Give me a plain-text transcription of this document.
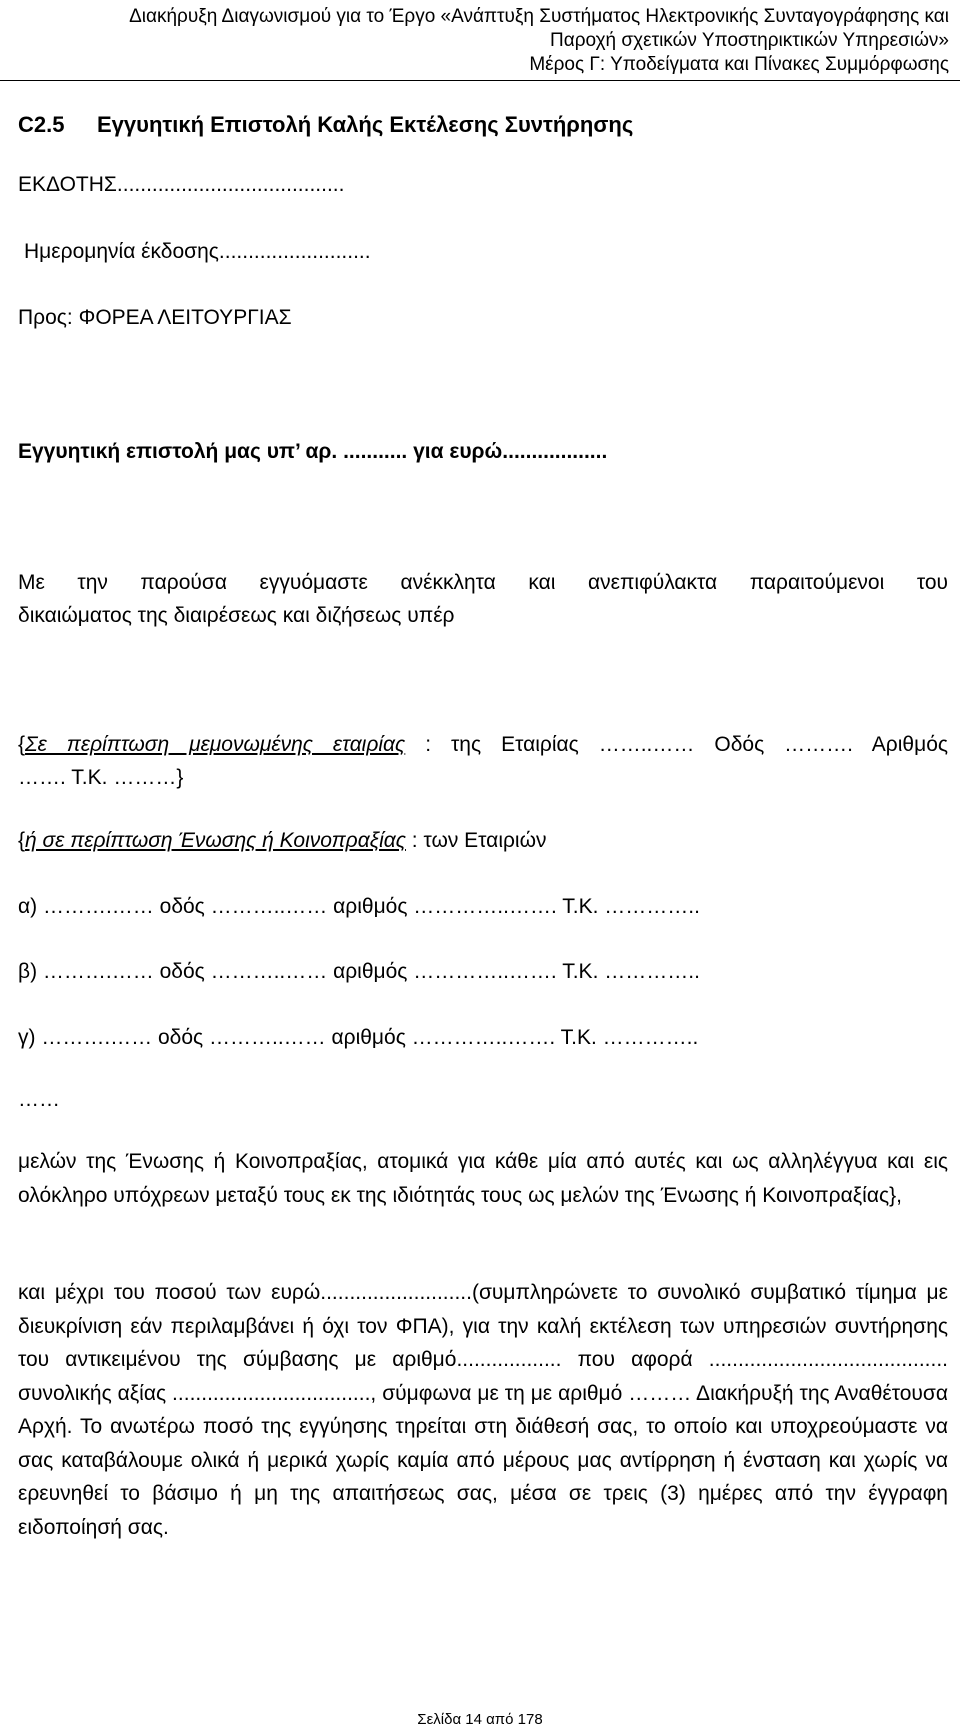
Διακήρυξη Διαγωνισμού για το Έργο «Ανάπτυξη Συστήματος Ηλεκτρονικής Συνταγογράφησης και
Παροχή σχετικών Υποστηρικτικών Υπηρεσιών»
Μέρος Γ: Υποδείγματα και Πίνακες Συμμόρφωσης
C2.5 Εγγυητική Επιστολή Καλής Εκτέλεσης Συντήρησης
ΕΚΔΟΤΗΣ.......................................
Ημερομηνία έκδοσης..........................
Προς: ΦΟΡΕΑ ΛΕΙΤΟΥΡΓΙΑΣ
Εγγυητική επιστολή μας υπ’ αρ. ........... για ευρώ..................
Με την παρούσα εγγυόμαστε ανέκκλητα και ανεπιφύλακτα παραιτούμενοι του
δικαιώματος της διαιρέσεως και διζήσεως υπέρ
{Σε περίπτωση μεμονωμένης εταιρίας : της Εταιρίας ……..…… Οδός ………. Αριθμός
……. Τ.Κ. ………}
{ή σε περίπτωση Ένωσης ή Κοινοπραξίας : των Εταιριών
α) ……….…… οδός ………..…… αριθμός …………..……. Τ.Κ. …………..
β) ……….…… οδός ………..…… αριθμός …………..……. Τ.Κ. …………..
γ) ……….…… οδός ………..…… αριθμός …………..……. Τ.Κ. …………..
……
μελών της Ένωσης ή Κοινοπραξίας, ατομικά για κάθε μία από αυτές και ως αλληλέγγυα και εις ολόκληρο υπόχρεων μεταξύ τους εκ της ιδιότητάς τους ως μελών της Ένωσης ή Κοινοπραξίας},
και μέχρι του ποσού των ευρώ..........................(συμπληρώνετε το συνολικό συμβατικό τίμημα με διευκρίνιση εάν περιλαμβάνει ή όχι τον ΦΠΑ), για την καλή εκτέλεση των υπηρεσιών συντήρησης του αντικειμένου της σύμβασης με αριθμό.................. που αφορά ......................................... συνολικής αξίας .................................., σύμφωνα με τη με αριθμό ……… Διακήρυξή της Αναθέτουσα Αρχή. Το ανωτέρω ποσό της εγγύησης τηρείται στη διάθεσή σας, το οποίο και υποχρεούμαστε να σας καταβάλουμε ολικά ή μερικά χωρίς καμία από μέρους μας αντίρρηση ή ένσταση και χωρίς να ερευνηθεί το βάσιμο ή μη της απαιτήσεως σας, μέσα σε τρεις (3) ημέρες από την έγγραφη ειδοποίησή σας.
Σελίδα 14 από 178
